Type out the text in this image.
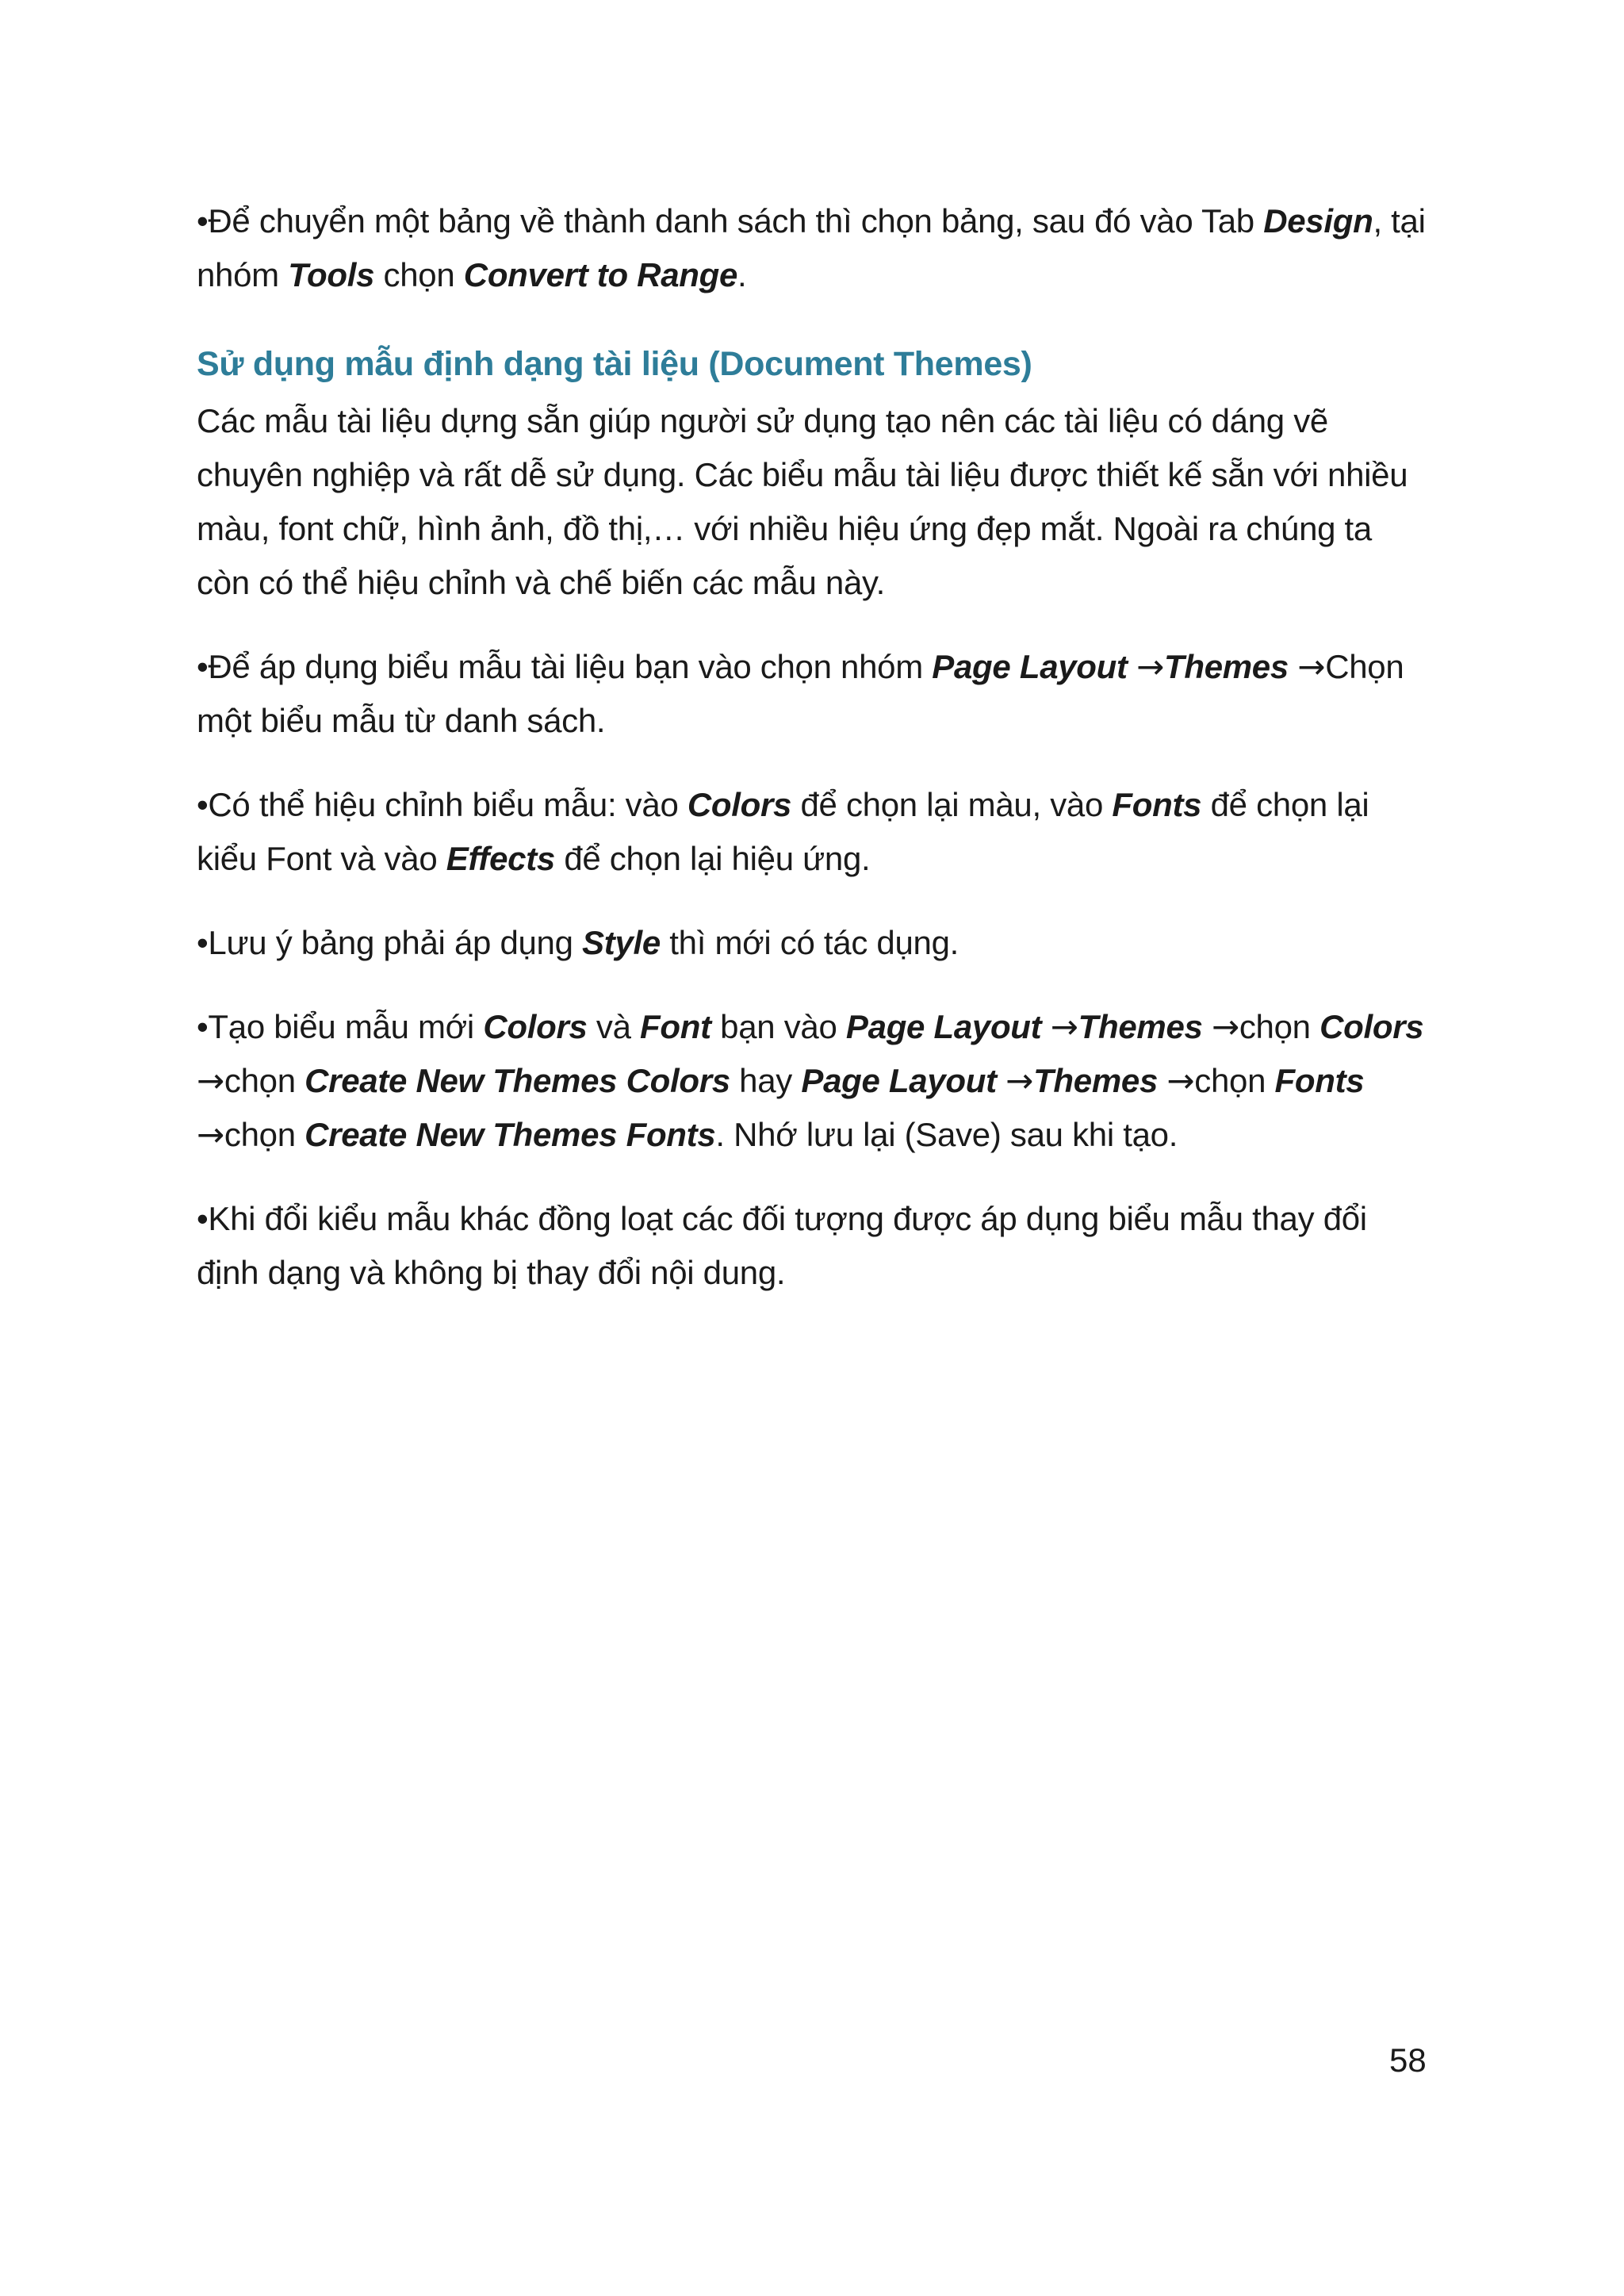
•Để chuyển một bảng về thành danh sách thì chọn bảng, sau đó vào Tab Design, tại nhóm Tools chọn Convert to Range.

Sử dụng mẫu định dạng tài liệu (Document Themes)

Các mẫu tài liệu dựng sẵn giúp người sử dụng tạo nên các tài liệu có dáng vẽ chuyên nghiệp và rất dễ sử dụng. Các biểu mẫu tài liệu được thiết kế sẵn với nhiều màu, font chữ, hình ảnh, đồ thị,… với nhiều hiệu ứng đẹp mắt. Ngoài ra chúng ta còn có thể hiệu chỉnh và chế biến các mẫu này.

•Để áp dụng biểu mẫu tài liệu bạn vào chọn nhóm Page Layout →Themes →Chọn một biểu mẫu từ danh sách.

•Có thể hiệu chỉnh biểu mẫu: vào Colors để chọn lại màu, vào Fonts để chọn lại kiểu Font và vào Effects để chọn lại hiệu ứng.

•Lưu ý bảng phải áp dụng Style thì mới có tác dụng.

•Tạo biểu mẫu mới Colors và Font bạn vào Page Layout →Themes →chọn Colors →chọn Create New Themes Colors hay Page Layout →Themes →chọn Fonts →chọn Create New Themes Fonts. Nhớ lưu lại (Save) sau khi tạo.

•Khi đổi kiểu mẫu khác đồng loạt các đối tượng được áp dụng biểu mẫu thay đổi định dạng và không bị thay đổi nội dung.

58
